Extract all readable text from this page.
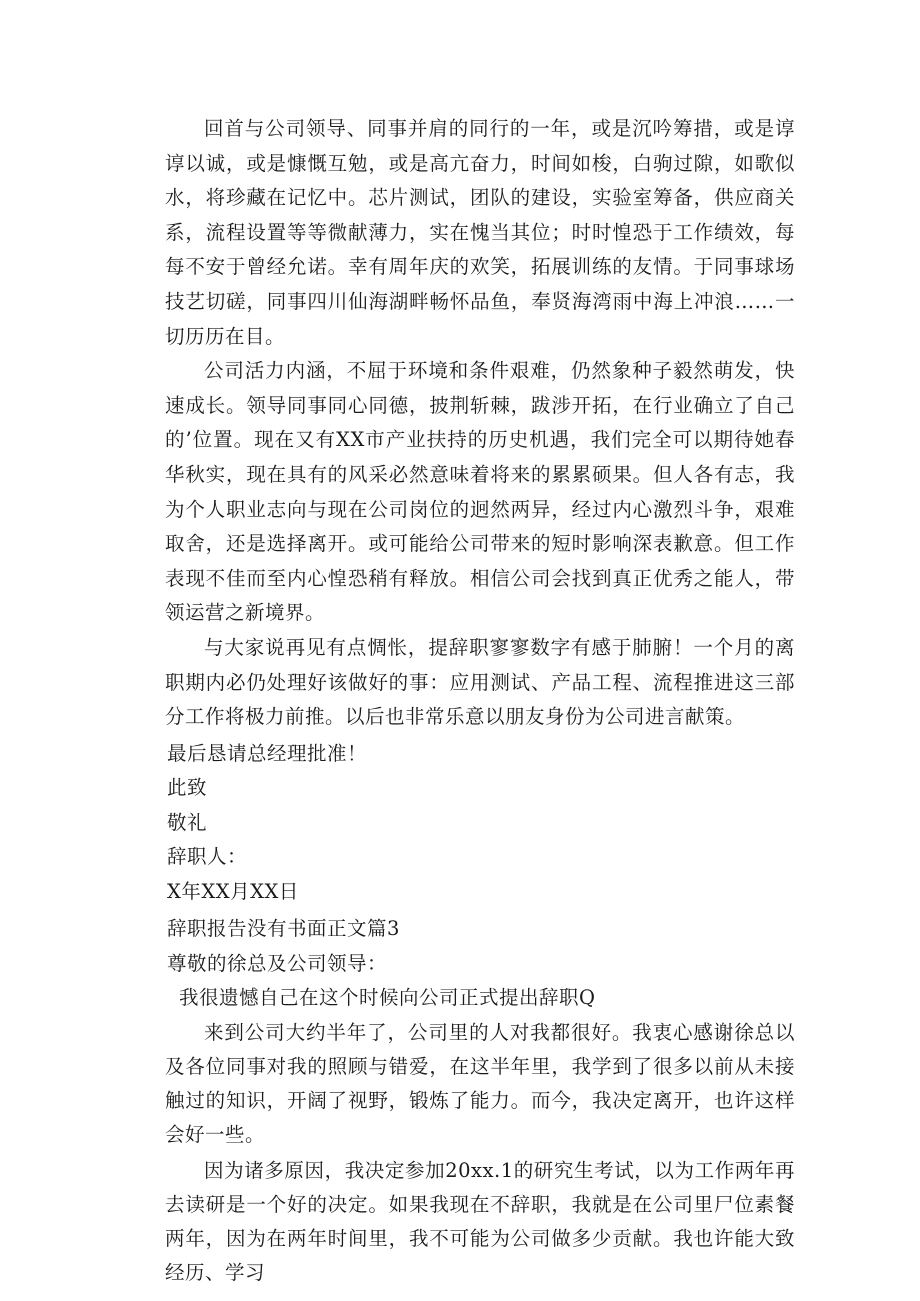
回首与公司领导、同事并肩的同行的一年，或是沉吟筹措，或是谆谆以诚，或是慷慨互勉，或是高亢奋力，时间如梭，白驹过隙，如歌似水，将珍藏在记忆中。芯片测试，团队的建设，实验室筹备，供应商关系，流程设置等等微献薄力，实在愧当其位；时时惶恐于工作绩效，每每不安于曾经允诺。幸有周年庆的欢笑，拓展训练的友情。于同事球场技艺切磋，同事四川仙海湖畔畅怀品鱼，奉贤海湾雨中海上冲浪……一切历历在目。

公司活力内涵，不屈于环境和条件艰难，仍然象种子毅然萌发，快速成长。领导同事同心同德，披荆斩棘，跋涉开拓，在行业确立了自己的’位置。现在又有XX市产业扶持的历史机遇，我们完全可以期待她春华秋实，现在具有的风采必然意味着将来的累累硕果。但人各有志，我为个人职业志向与现在公司岗位的迥然两异，经过内心激烈斗争，艰难取舍，还是选择离开。或可能给公司带来的短时影响深表歉意。但工作表现不佳而至内心惶恐稍有释放。相信公司会找到真正优秀之能人，带领运营之新境界。

与大家说再见有点惆怅，提辞职寥寥数字有感于肺腑！一个月的离职期内必仍处理好该做好的事：应用测试、产品工程、流程推进这三部分工作将极力前推。以后也非常乐意以朋友身份为公司进言献策。

最后恳请总经理批准！

此致

敬礼

辞职人：

X年XX月XX日

辞职报告没有书面正文篇3

尊敬的徐总及公司领导：

我很遗憾自己在这个时候向公司正式提出辞职Q

来到公司大约半年了，公司里的人对我都很好。我衷心感谢徐总以及各位同事对我的照顾与错爱，在这半年里，我学到了很多以前从未接触过的知识，开阔了视野，锻炼了能力。而今，我决定离开，也许这样会好一些。

因为诸多原因，我决定参加20xx.1的研究生考试，以为工作两年再去读研是一个好的决定。如果我现在不辞职，我就是在公司里尸位素餐两年，因为在两年时间里，我不可能为公司做多少贡献。我也许能大致经历、学习
